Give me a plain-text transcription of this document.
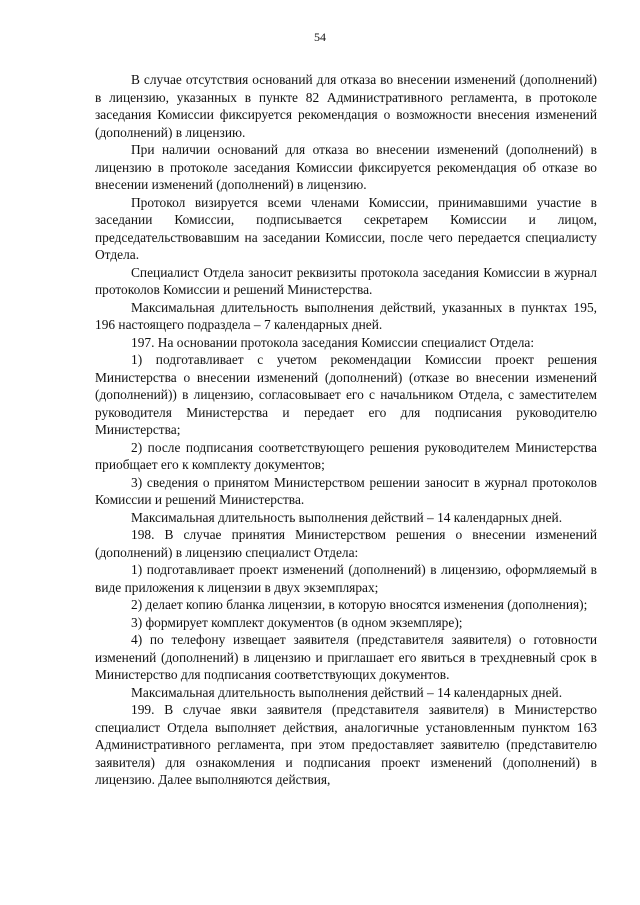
54

В случае отсутствия оснований для отказа во внесении изменений (дополнений) в лицензию, указанных в пункте 82 Административного регламента, в протоколе заседания Комиссии фиксируется рекомендация о возможности внесения изменений (дополнений) в лицензию.

При наличии оснований для отказа во внесении изменений (дополнений) в лицензию в протоколе заседания Комиссии фиксируется рекомендация об отказе во внесении изменений (дополнений) в лицензию.

Протокол визируется всеми членами Комиссии, принимавшими участие в заседании Комиссии, подписывается секретарем Комиссии и лицом, председательствовавшим на заседании Комиссии, после чего передается специалисту Отдела.

Специалист Отдела заносит реквизиты протокола заседания Комиссии в журнал протоколов Комиссии и решений Министерства.

Максимальная длительность выполнения действий, указанных в пунктах 195, 196 настоящего подраздела – 7 календарных дней.

197. На основании протокола заседания Комиссии специалист Отдела:

1) подготавливает с учетом рекомендации Комиссии проект решения Министерства о внесении изменений (дополнений) (отказе во внесении изменений (дополнений)) в лицензию, согласовывает его с начальником Отдела, с заместителем руководителя Министерства и передает его для подписания руководителю Министерства;

2) после подписания соответствующего решения руководителем Министерства приобщает его к комплекту документов;

3) сведения о принятом Министерством решении заносит в журнал протоколов Комиссии и решений Министерства.

Максимальная длительность выполнения действий – 14 календарных дней.

198. В случае принятия Министерством решения о внесении изменений (дополнений) в лицензию специалист Отдела:

1) подготавливает проект изменений (дополнений) в лицензию, оформляемый в виде приложения к лицензии в двух экземплярах;

2) делает копию бланка лицензии, в которую вносятся изменения (дополнения);

3) формирует комплект документов (в одном экземпляре);

4) по телефону извещает заявителя (представителя заявителя) о готовности изменений (дополнений) в лицензию и приглашает его явиться в трехдневный срок в Министерство для подписания соответствующих документов.

Максимальная длительность выполнения действий – 14 календарных дней.

199. В случае явки заявителя (представителя заявителя) в Министерство специалист Отдела выполняет действия, аналогичные установленным пунктом 163 Административного регламента, при этом предоставляет заявителю (представителю заявителя) для ознакомления и подписания проект изменений (дополнений) в лицензию. Далее выполняются действия,
